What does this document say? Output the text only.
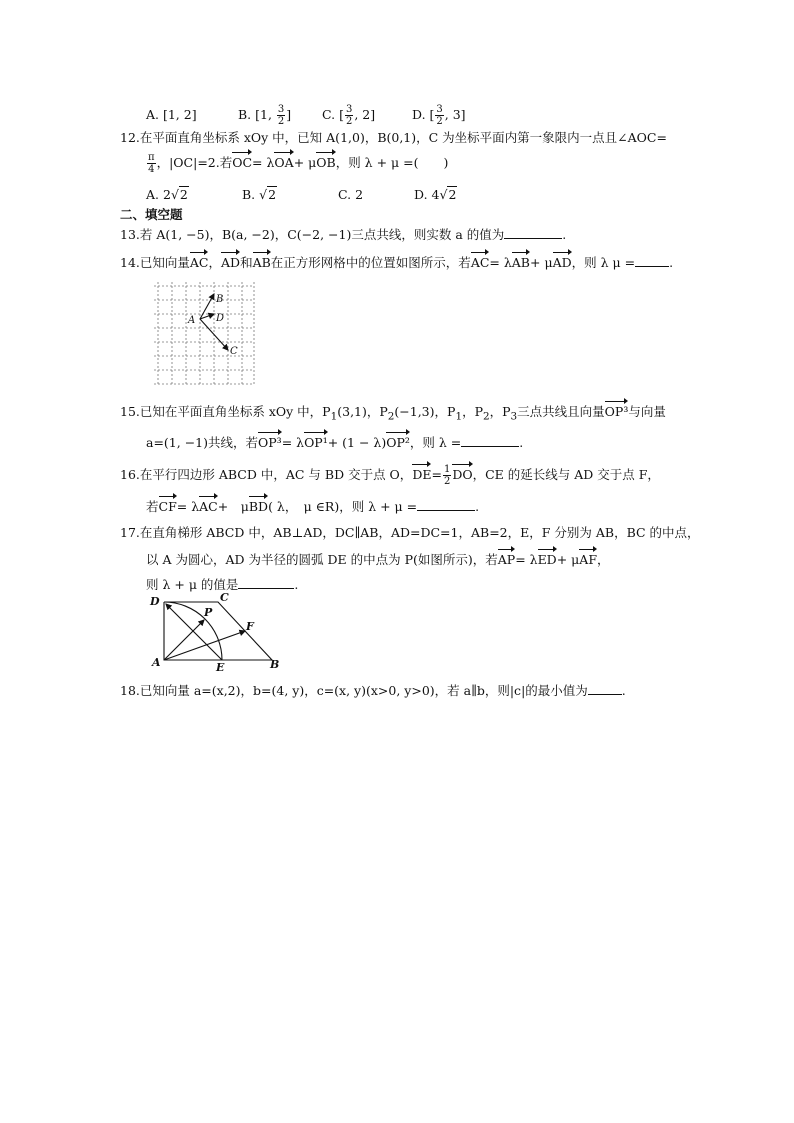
A. [1, 2]	B. [1, $\frac{3}{2}$ ] C. [ $\frac{3}{2}$ , 2]	D. [ $\frac{3}{2}$ , 3]
12.在平面直角坐标系 xOy 中，已知 A(1,0)，B(0,1)，C 为坐标平面内第一象限内一点且∠AOC=
$\frac{\pi}{4}$ ，|OC|=2.若OC= λOA+ μOB，则 λ + μ =(　　)
A. 2√2	B. √2	C. 2	D. 4√2
二、填空题
13.若 A(1, −5)，B(a, −2)，C(−2, −1)三点共线，则实数 a 的值为	.
14.已知向量AC，AD和AB在正方形网格中的位置如图所示，若AC= λAB+ μAD，则 λ μ =	.
A
B
D
C
15.已知在平面直角坐标系 xOy 中，$P_1(3,1)$，$P_2(-1,3)$，$P_1$，$P_2$，$P_3$三点共线且向量OP³与向量
a=(1, −1)共线，若OP³= λOP¹+ (1 − λ)OP²，则 λ =	.
16.在平行四边形 ABCD 中，AC 与 BD 交于点 O，$DE= \frac{1}{2}$ DO，CE 的延长线与 AD 交于点 F，
若CF= λAC+　μBD( λ，　μ ∈R)，则 λ + μ =	.
17.在直角梯形 ABCD 中，AB⊥AD，DC∥AB，AD=DC=1，AB=2，E，F 分别为 AB，BC 的中点，
以 A 为圆心，AD 为半径的圆弧 DE 的中点为 P(如图所示)，若AP= λED+ μAF，
则 λ + μ 的值是	.
D	C
P
F
A	E	B
18.已知向量 a=(x,2)，b=(4, y)，c=(x, y)(x>0, y>0)，若 a∥b，则|c|的最小值为	.
